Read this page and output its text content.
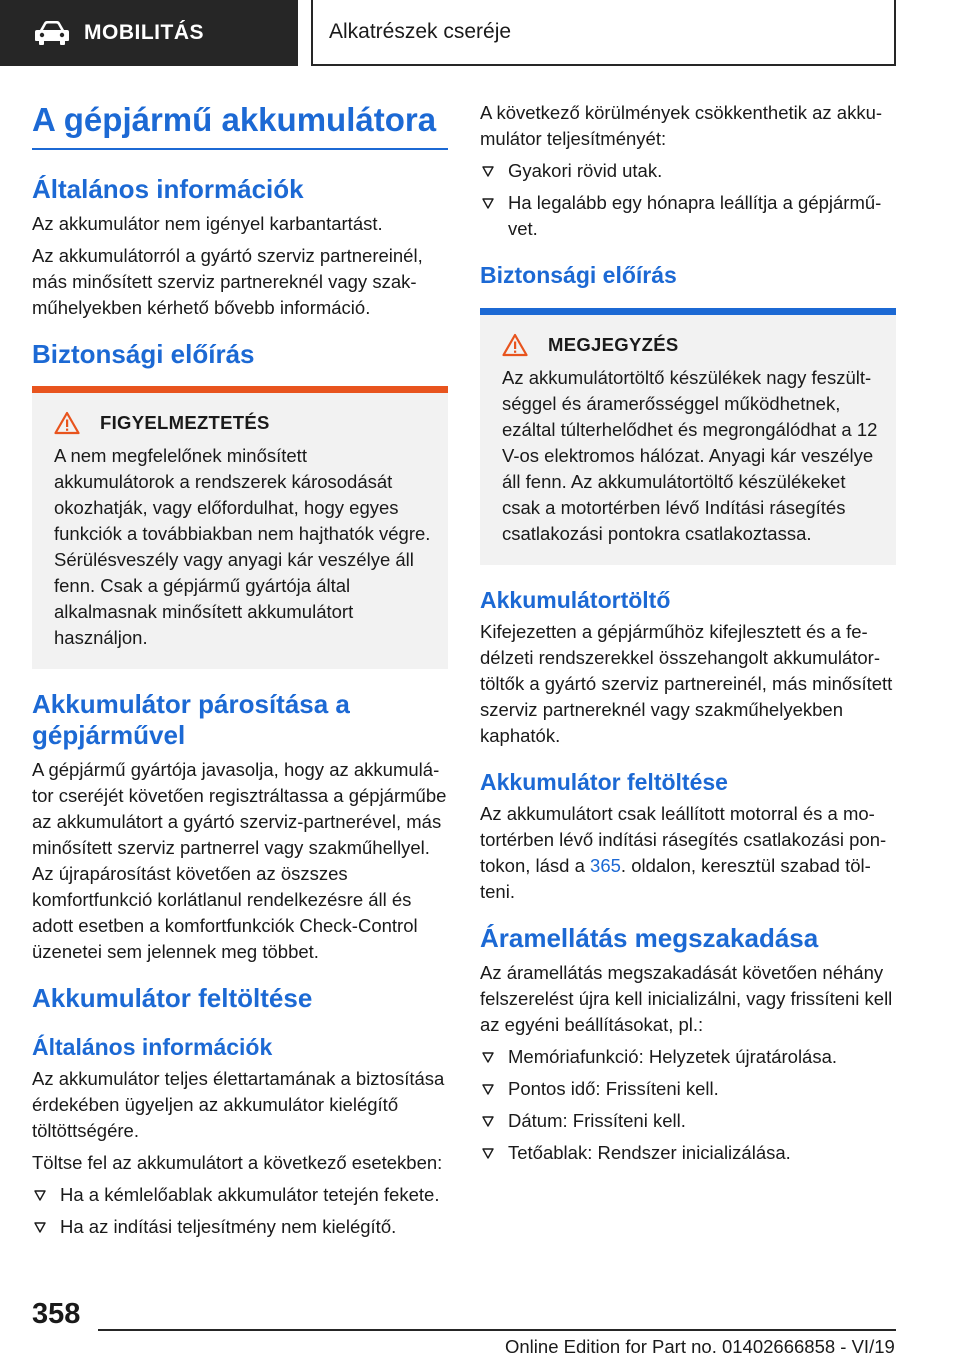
MOBILITÁS	Alkatrészek cseréje
A gépjármű akkumulátora
Általános információk

Az akkumulátor nem igényel karbantartást.

Az akkumulátorról a gyártó szerviz partnereinél, más minősített szerviz partnereknél vagy szakműhelyekben kérhető bővebb információ.

Biztonsági előírás
FIGYELMEZTETÉS

A nem megfelelőnek minősített akkumulátorok a rendszerek károsodását okozhatják, vagy előfordulhat, hogy egyes funkciók a továbbiakban nem hajthatók végre. Sérülésveszély vagy anyagi kár veszélye áll fenn. Csak a gépjármű gyártója által alkalmasnak minősített akkumulátort használjon.

Akkumulátor párosítása a gépjárművel

A gépjármű gyártója javasolja, hogy az akkumulátor cseréjét követően regisztráltassa a gépjárműbe az akkumulátort a gyártó szerviz-partnerével, más minősített szerviz partnerrel vagy szakműhellyel. Az újrapárosítást követően az öszszes komfortfunkció korlátlanul rendelkezésre áll és adott esetben a komfortfunkciók Check-Control üzenetei sem jelennek meg többet.

Akkumulátor feltöltése
Általános információk

Az akkumulátor teljes élettartamának a biztosítása érdekében ügyeljen az akkumulátor kielégítő töltöttségére.

Töltse fel az akkumulátort a következő esetekben:

Ha a kémlelőablak akkumulátor tetején fekete.
Ha az indítási teljesítmény nem kielégítő.

A következő körülmények csökkenthetik az akkumulátor teljesítményét:

Gyakori rövid utak.
Ha legalább egy hónapra leállítja a gépjárművet.
Biztonsági előírás
MEGJEGYZÉS

Az akkumulátortöltő készülékek nagy feszültséggel és áramerősséggel működhetnek, ezáltal túlterhelődhet és megrongálódhat a 12 V-os elektromos hálózat. Anyagi kár veszélye áll fenn. Az akkumulátortöltő készülékeket csak a motortérben lévő Indítási rásegítés csatlakozási pontokra csatlakoztassa.

Akkumulátortöltő

Kifejezetten a gépjárműhöz kifejlesztett és a fedélzeti rendszerekkel összehangolt akkumulátortöltők a gyártó szerviz partnereinél, más minősített szerviz partnereknél vagy szakműhelyekben kaphatók.

Akkumulátor feltöltése

Az akkumulátort csak leállított motorral és a motortérben lévő indítási rásegítés csatlakozási pontokon, lásd a 365. oldalon, keresztül szabad tölteni.

Áramellátás megszakadása

Az áramellátás megszakadását követően néhány felszerelést újra kell inicializálni, vagy frissíteni kell az egyéni beállításokat, pl.:

Memóriafunkció: Helyzetek újratárolása.
Pontos idő: Frissíteni kell.
Dátum: Frissíteni kell.
Tetőablak: Rendszer inicializálása.
358
Online Edition for Part no. 01402666858 - VI/19
